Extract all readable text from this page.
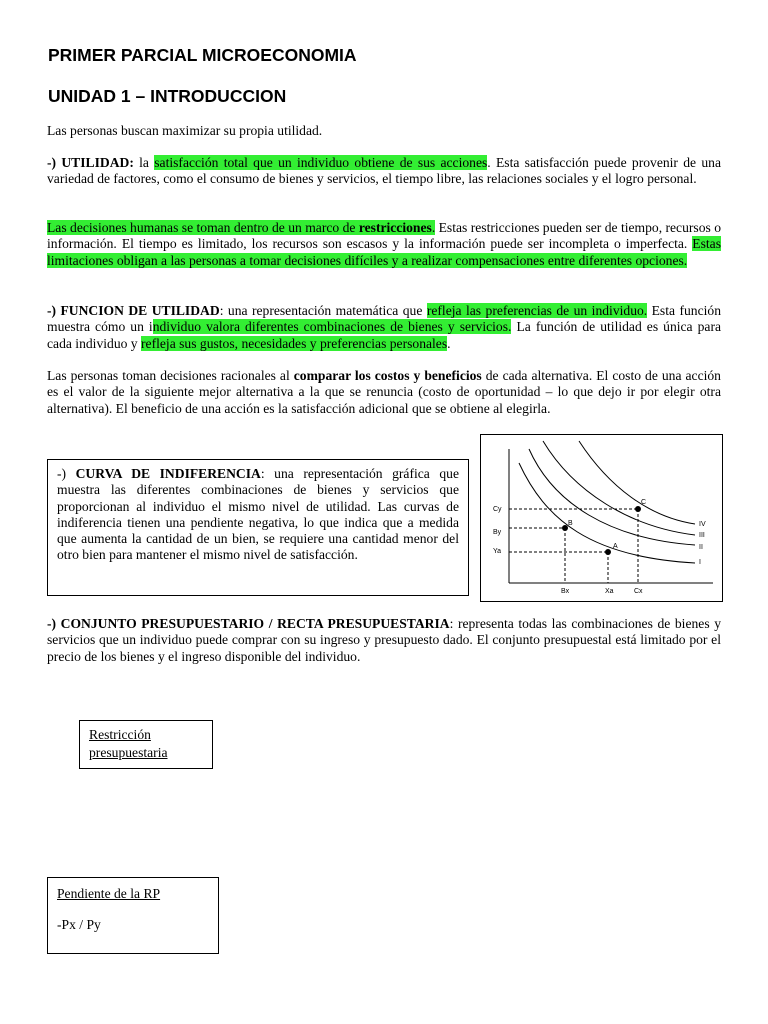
PRIMER PARCIAL MICROECONOMIA
UNIDAD 1 – INTRODUCCION

Las personas buscan maximizar su propia utilidad.

-) UTILIDAD: la satisfacción total que un individuo obtiene de sus acciones. Esta satisfacción puede provenir de una variedad de factores, como el consumo de bienes y servicios, el tiempo libre, las relaciones sociales y el logro personal.

Las decisiones humanas se toman dentro de un marco de restricciones. Estas restricciones pueden ser de tiempo, recursos o información. El tiempo es limitado, los recursos son escasos y la información puede ser incompleta o imperfecta. Estas limitaciones obligan a las personas a tomar decisiones difíciles y a realizar compensaciones entre diferentes opciones.

-) FUNCION DE UTILIDAD: una representación matemática que refleja las preferencias de un individuo. Esta función muestra cómo un individuo valora diferentes combinaciones de bienes y servicios. La función de utilidad es única para cada individuo y refleja sus gustos, necesidades y preferencias personales.

Las personas toman decisiones racionales al comparar los costos y beneficios de cada alternativa. El costo de una acción es el valor de la siguiente mejor alternativa a la que se renuncia (costo de oportunidad – lo que dejo ir por elegir otra alternativa). El beneficio de una acción es la satisfacción adicional que se obtiene al elegirla.

-) CURVA DE INDIFERENCIA: una representación gráfica que muestra las diferentes combinaciones de bienes y servicios que proporcionan al individuo el mismo nivel de utilidad. Las curvas de indiferencia tienen una pendiente negativa, lo que indica que a medida que aumenta la cantidad de un bien, se requiere una cantidad menor del otro bien para mantener el mismo nivel de satisfacción.

C
B
A
Cy
By
Ya
Bx	Xa	Cx
IV
III
II
I

-) CONJUNTO PRESUPUESTARIO / RECTA PRESUPUESTARIA: representa todas las combinaciones de bienes y servicios que un individuo puede comprar con su ingreso y presupuesto dado. El conjunto presupuestal está limitado por el precio de los bienes y el ingreso disponible del individuo.

Restricción
presupuestaria
Pendiente de la RP
-Px / Py
